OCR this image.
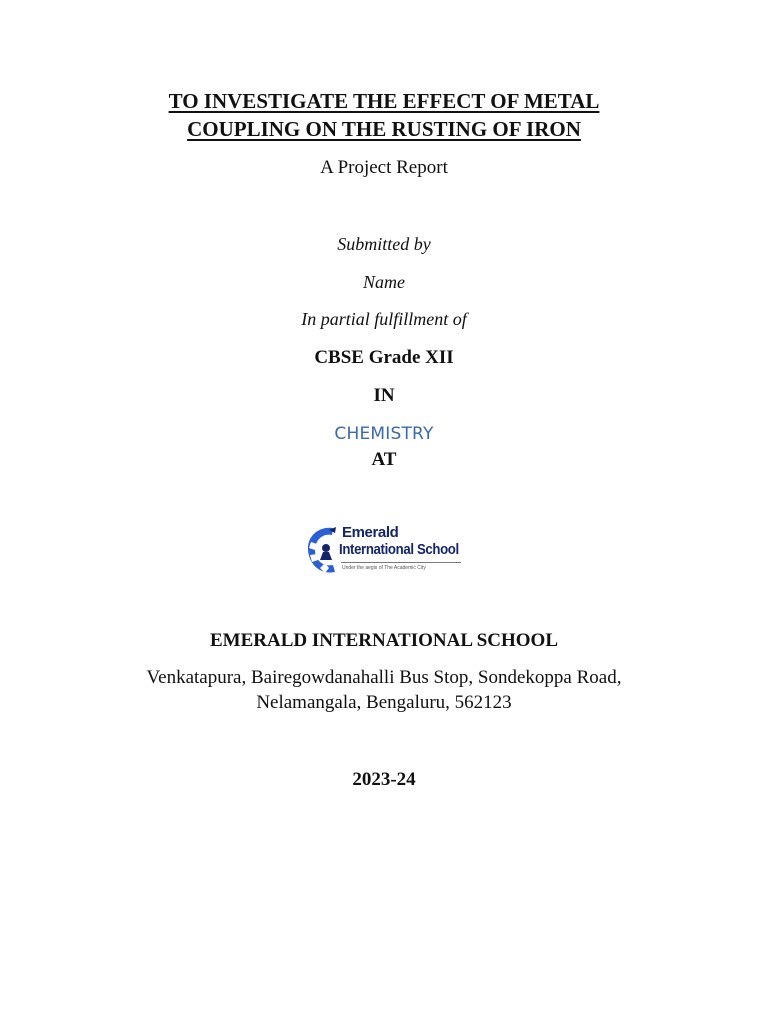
TO INVESTIGATE THE EFFECT OF METAL
COUPLING ON THE RUSTING OF IRON
A Project Report
Submitted by
Name
In partial fulfillment of
CBSE Grade XII
IN
CHEMISTRY
AT
Emerald
International School
Under the aegis of The Academic City
EMERALD INTERNATIONAL SCHOOL
Venkatapura, Bairegowdanahalli Bus Stop, Sondekoppa Road,
Nelamangala, Bengaluru, 562123
2023-24
